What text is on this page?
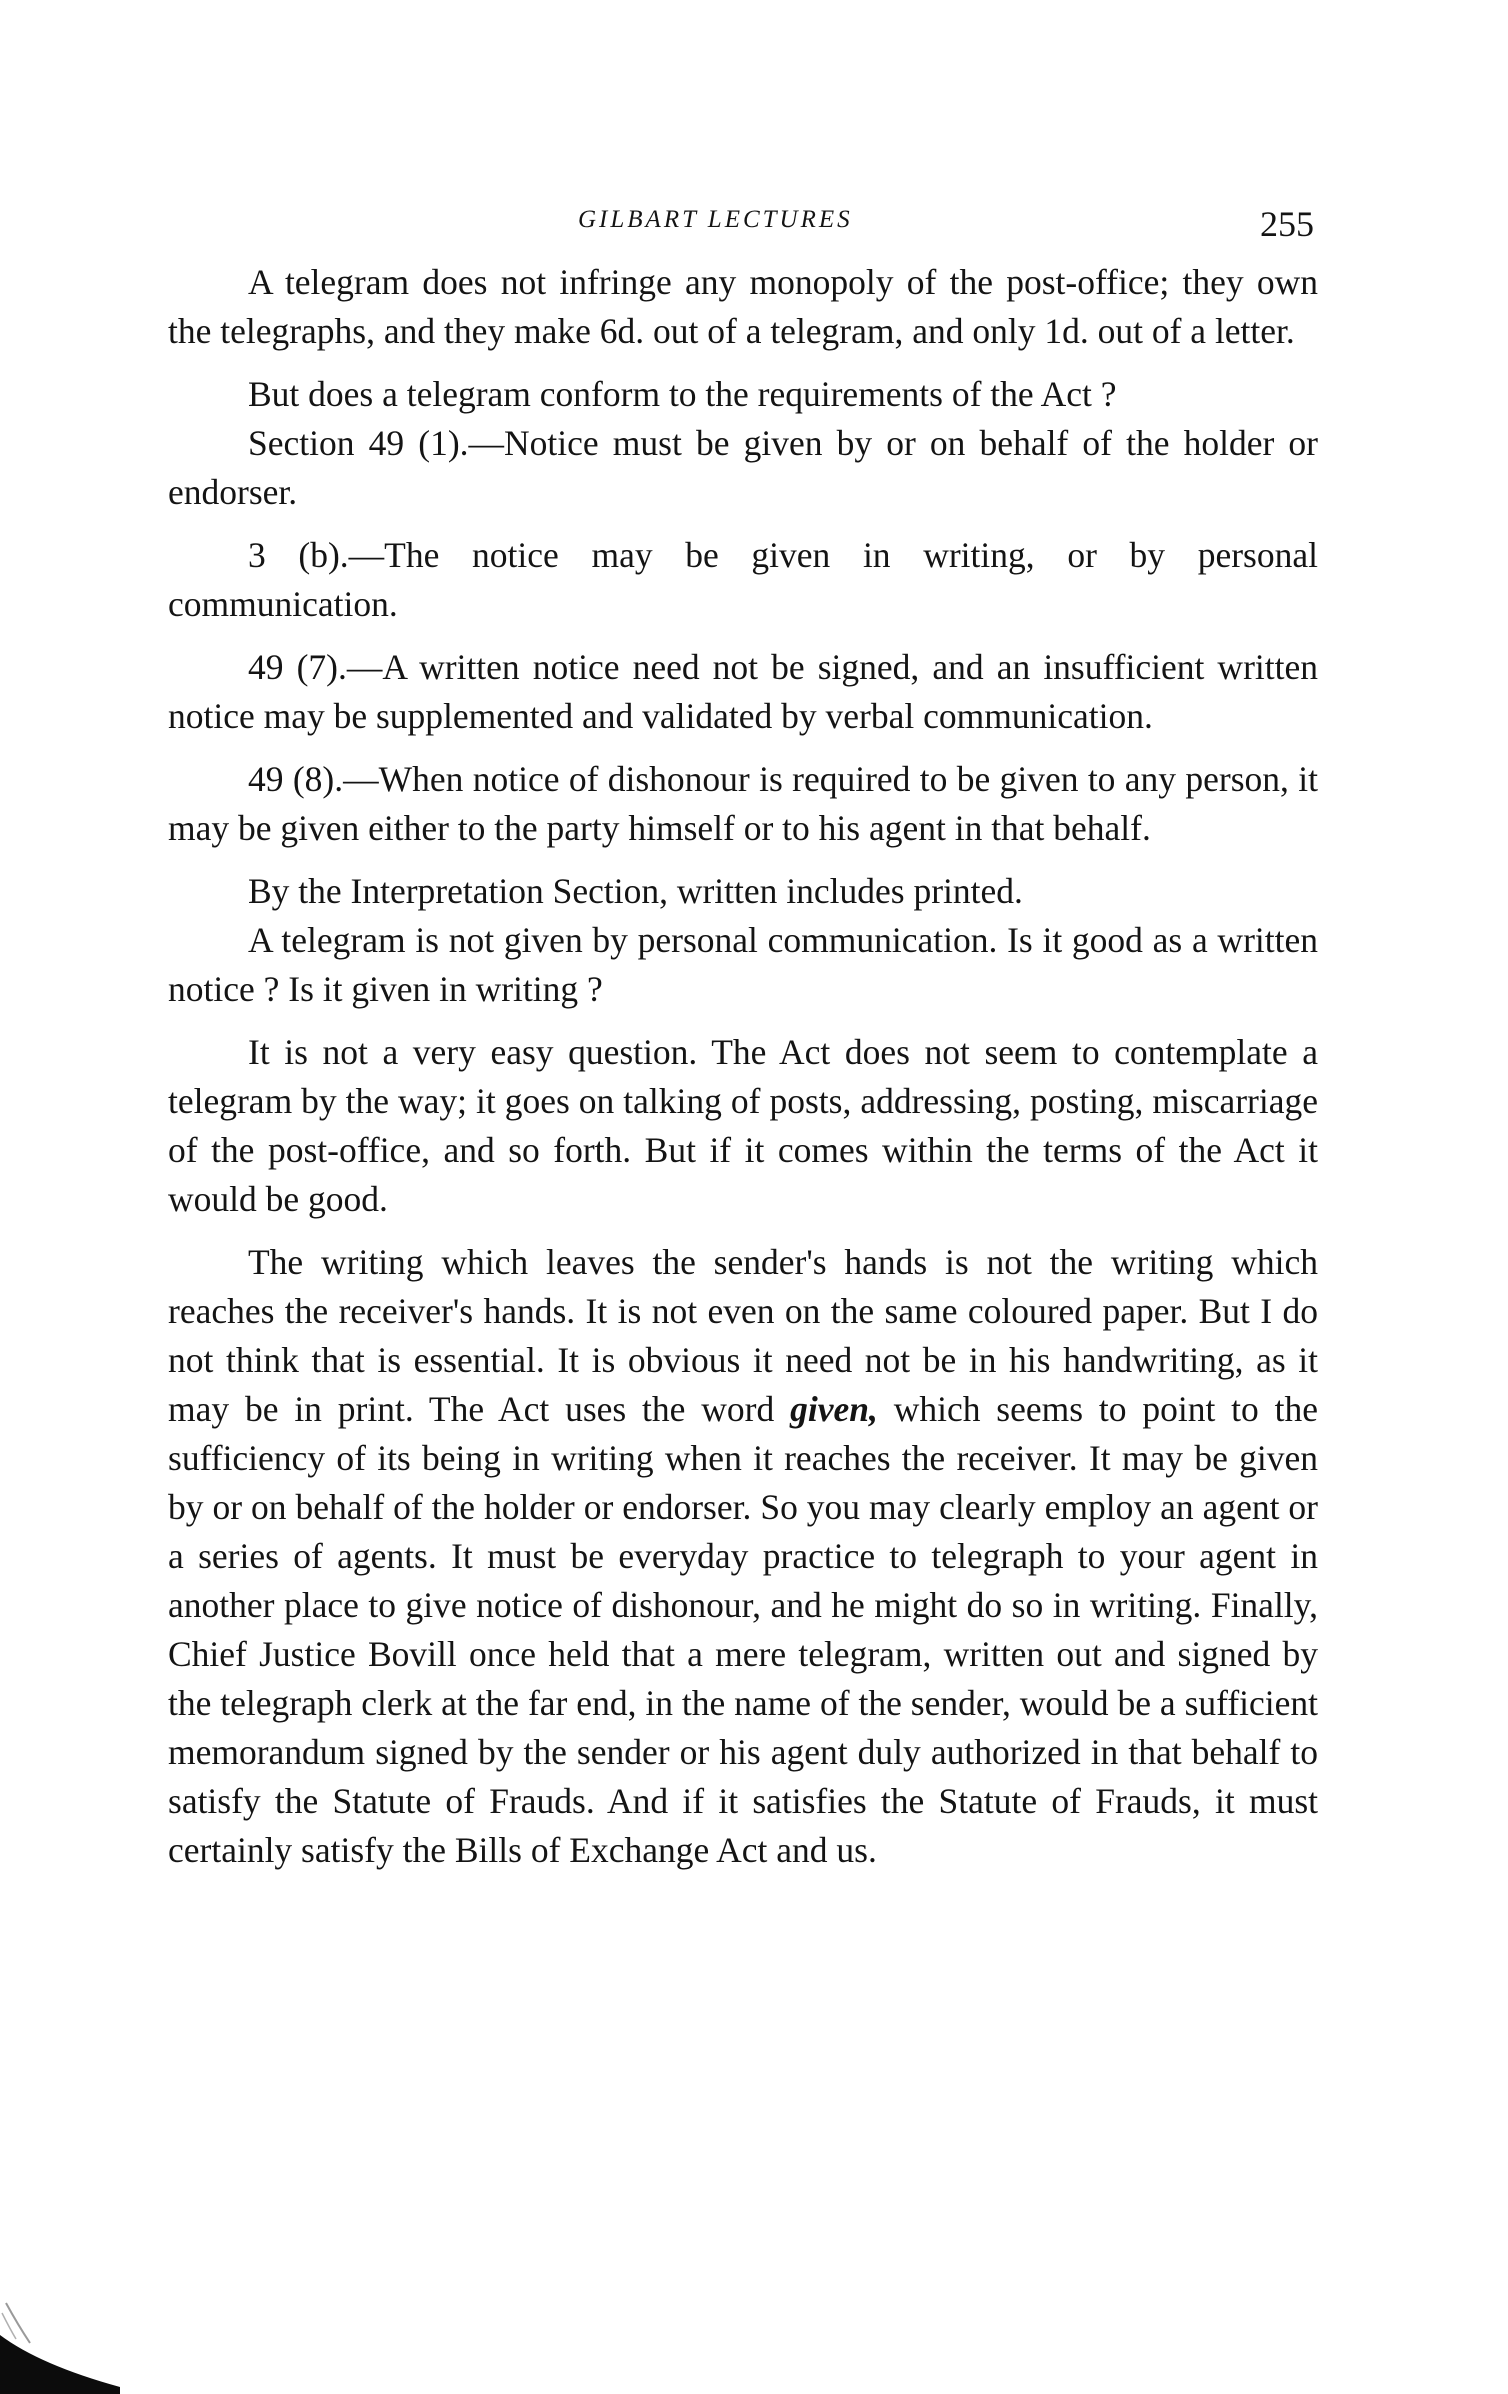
GILBART LECTURES	255

A telegram does not infringe any monopoly of the post-office; they own the telegraphs, and they make 6d. out of a telegram, and only 1d. out of a letter.

But does a telegram conform to the requirements of the Act ?

Section 49 (1).—Notice must be given by or on behalf of the holder or endorser.

3 (b).—The notice may be given in writing, or by personal communication.

49 (7).—A written notice need not be signed, and an insufficient written notice may be supplemented and validated by verbal communication.

49 (8).—When notice of dishonour is required to be given to any person, it may be given either to the party himself or to his agent in that behalf.

By the Interpretation Section, written includes printed.

A telegram is not given by personal communication. Is it good as a written notice ? Is it given in writing ?

It is not a very easy question. The Act does not seem to contemplate a telegram by the way; it goes on talking of posts, addressing, posting, miscarriage of the post-office, and so forth. But if it comes within the terms of the Act it would be good.

The writing which leaves the sender's hands is not the writing which reaches the receiver's hands. It is not even on the same coloured paper. But I do not think that is essential. It is obvious it need not be in his handwriting, as it may be in print. The Act uses the word given, which seems to point to the sufficiency of its being in writing when it reaches the receiver. It may be given by or on behalf of the holder or endorser. So you may clearly employ an agent or a series of agents. It must be everyday practice to telegraph to your agent in another place to give notice of dishonour, and he might do so in writing. Finally, Chief Justice Bovill once held that a mere telegram, written out and signed by the telegraph clerk at the far end, in the name of the sender, would be a sufficient memorandum signed by the sender or his agent duly authorized in that behalf to satisfy the Statute of Frauds. And if it satisfies the Statute of Frauds, it must certainly satisfy the Bills of Exchange Act and us.
